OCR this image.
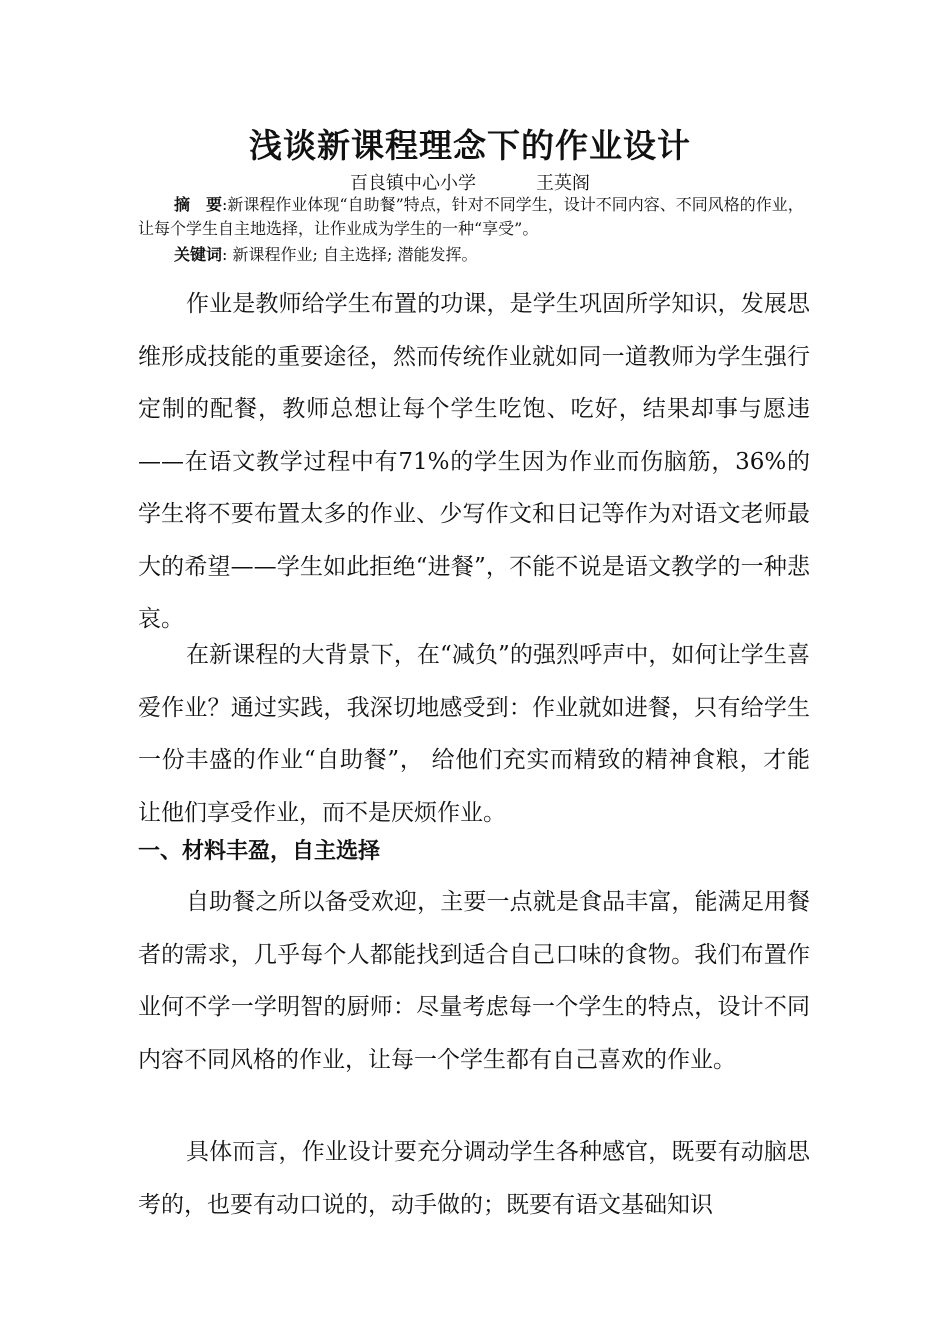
浅谈新课程理念下的作业设计
百良镇中心小学	王英阁

摘　要:新课程作业体现“自助餐”特点，针对不同学生，设计不同内容、不同风格的作业，让每个学生自主地选择，让作业成为学生的一种“享受”。

关键词: 新课程作业; 自主选择; 潜能发挥。

作业是教师给学生布置的功课，是学生巩固所学知识，发展思维形成技能的重要途径，然而传统作业就如同一道教师为学生强行定制的配餐，教师总想让每个学生吃饱、吃好，结果却事与愿违——在语文教学过程中有71%的学生因为作业而伤脑筋，36%的学生将不要布置太多的作业、少写作文和日记等作为对语文老师最大的希望——学生如此拒绝“进餐”，不能不说是语文教学的一种悲哀。

在新课程的大背景下，在“减负”的强烈呼声中，如何让学生喜爱作业？通过实践，我深切地感受到：作业就如进餐，只有给学生一份丰盛的作业“自助餐”， 给他们充实而精致的精神食粮，才能让他们享受作业，而不是厌烦作业。

一、材料丰盈，自主选择

自助餐之所以备受欢迎，主要一点就是食品丰富，能满足用餐者的需求，几乎每个人都能找到适合自己口味的食物。我们布置作业何不学一学明智的厨师：尽量考虑每一个学生的特点，设计不同内容不同风格的作业，让每一个学生都有自己喜欢的作业。

具体而言，作业设计要充分调动学生各种感官，既要有动脑思考的，也要有动口说的，动手做的；既要有语文基础知识
